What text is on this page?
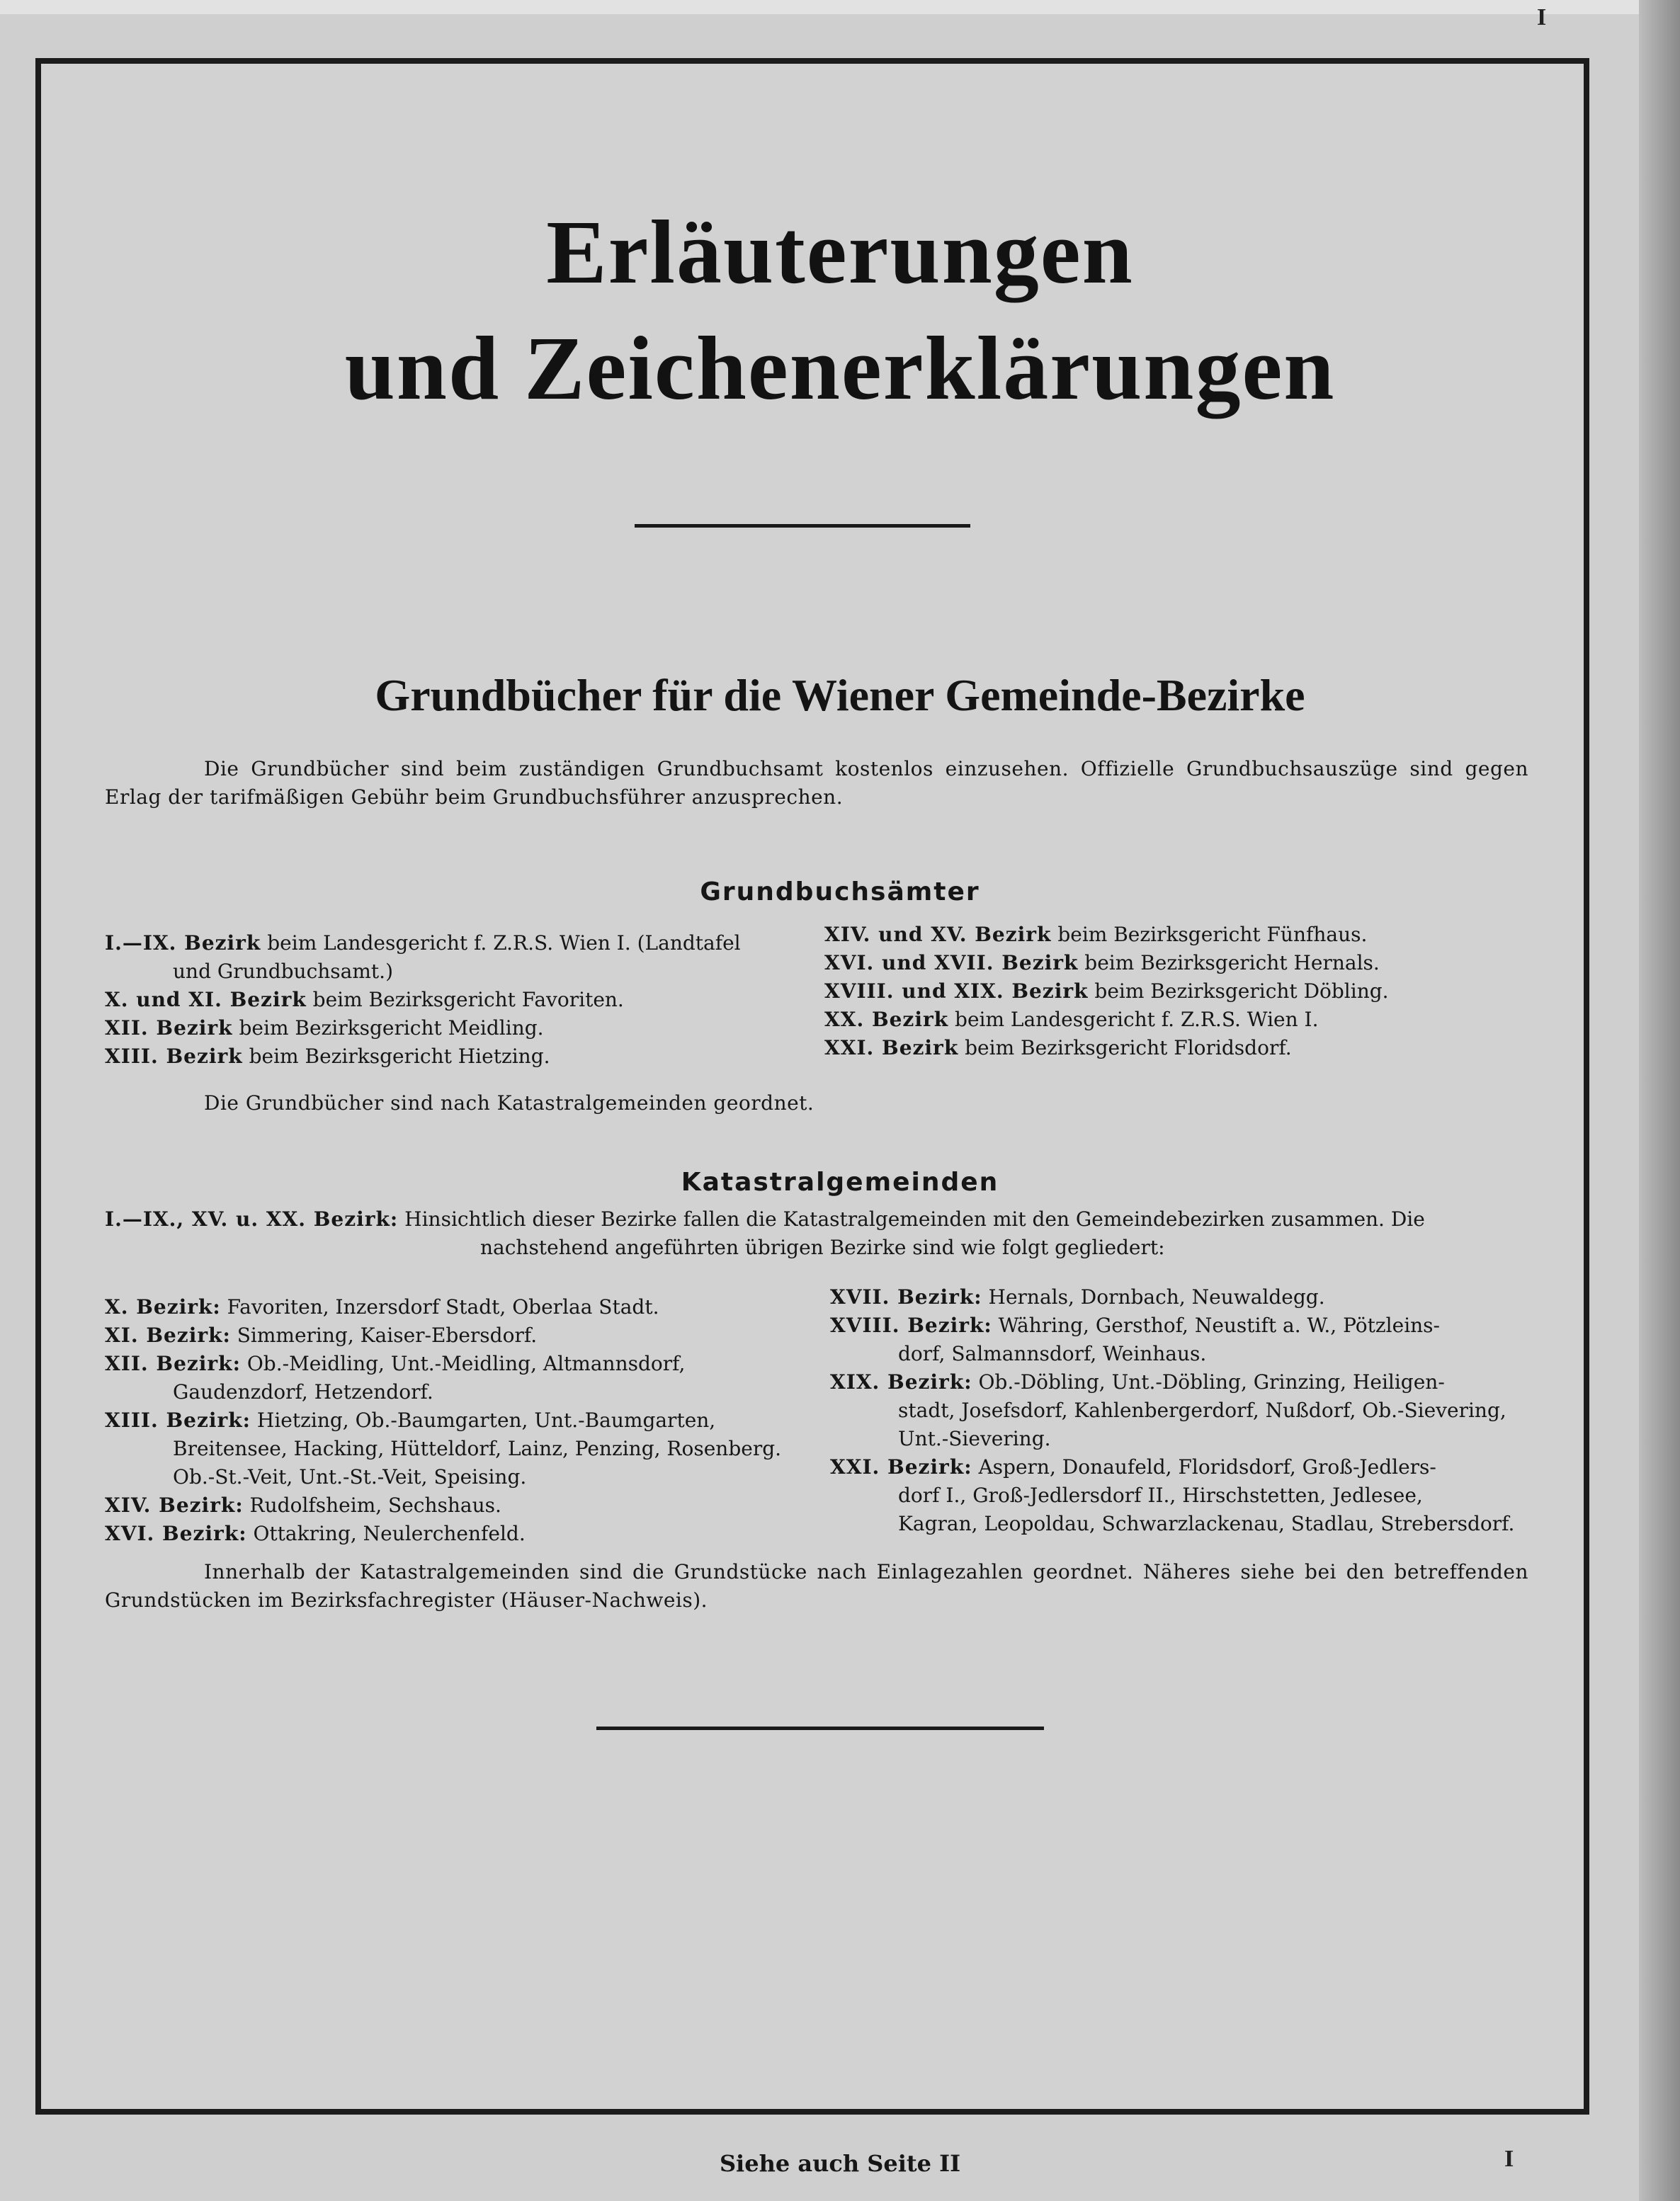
I
Erläuterungen
und Zeichenerklärungen
Grundbücher für die Wiener Gemeinde-Bezirke
Die Grundbücher sind beim zuständigen Grundbuchsamt kostenlos einzusehen. Offizielle Grundbuchsauszüge sind gegen Erlag der tarifmäßigen Gebühr beim Grundbuchsführer anzusprechen.
Grundbuchsämter
I.—IX. Bezirk beim Landesgericht f. Z.R.S. Wien I. (Landtafel
und Grundbuchsamt.)
X. und XI. Bezirk beim Bezirksgericht Favoriten.
XII. Bezirk beim Bezirksgericht Meidling.
XIII. Bezirk beim Bezirksgericht Hietzing.
XIV. und XV. Bezirk beim Bezirksgericht Fünfhaus.
XVI. und XVII. Bezirk beim Bezirksgericht Hernals.
XVIII. und XIX. Bezirk beim Bezirksgericht Döbling.
XX. Bezirk beim Landesgericht f. Z.R.S. Wien I.
XXI. Bezirk beim Bezirksgericht Floridsdorf.
Die Grundbücher sind nach Katastralgemeinden geordnet.
Katastralgemeinden
I.—IX., XV. u. XX. Bezirk: Hinsichtlich dieser Bezirke fallen die Katastralgemeinden mit den Gemeindebezirken zusammen. Die
nachstehend angeführten übrigen Bezirke sind wie folgt gegliedert:
X. Bezirk: Favoriten, Inzersdorf Stadt, Oberlaa Stadt.
XI. Bezirk: Simmering, Kaiser-Ebersdorf.
XII. Bezirk: Ob.-Meidling, Unt.-Meidling, Altmannsdorf,
Gaudenzdorf, Hetzendorf.
XIII. Bezirk: Hietzing, Ob.-Baumgarten, Unt.-Baumgarten,
Breitensee, Hacking, Hütteldorf, Lainz, Penzing, Rosenberg.
Ob.-St.-Veit, Unt.-St.-Veit, Speising.
XIV. Bezirk: Rudolfsheim, Sechshaus.
XVI. Bezirk: Ottakring, Neulerchenfeld.
XVII. Bezirk: Hernals, Dornbach, Neuwaldegg.
XVIII. Bezirk: Währing, Gersthof, Neustift a. W., Pötzleins-
dorf, Salmannsdorf, Weinhaus.
XIX. Bezirk: Ob.-Döbling, Unt.-Döbling, Grinzing, Heiligen-
stadt, Josefsdorf, Kahlenbergerdorf, Nußdorf, Ob.-Sievering,
Unt.-Sievering.
XXI. Bezirk: Aspern, Donaufeld, Floridsdorf, Groß-Jedlers-
dorf I., Groß-Jedlersdorf II., Hirschstetten, Jedlesee,
Kagran, Leopoldau, Schwarzlackenau, Stadlau, Strebersdorf.
Innerhalb der Katastralgemeinden sind die Grundstücke nach Einlagezahlen geordnet. Näheres siehe bei den betreffenden Grundstücken im Bezirksfachregister (Häuser-Nachweis).
Siehe auch Seite II	I
